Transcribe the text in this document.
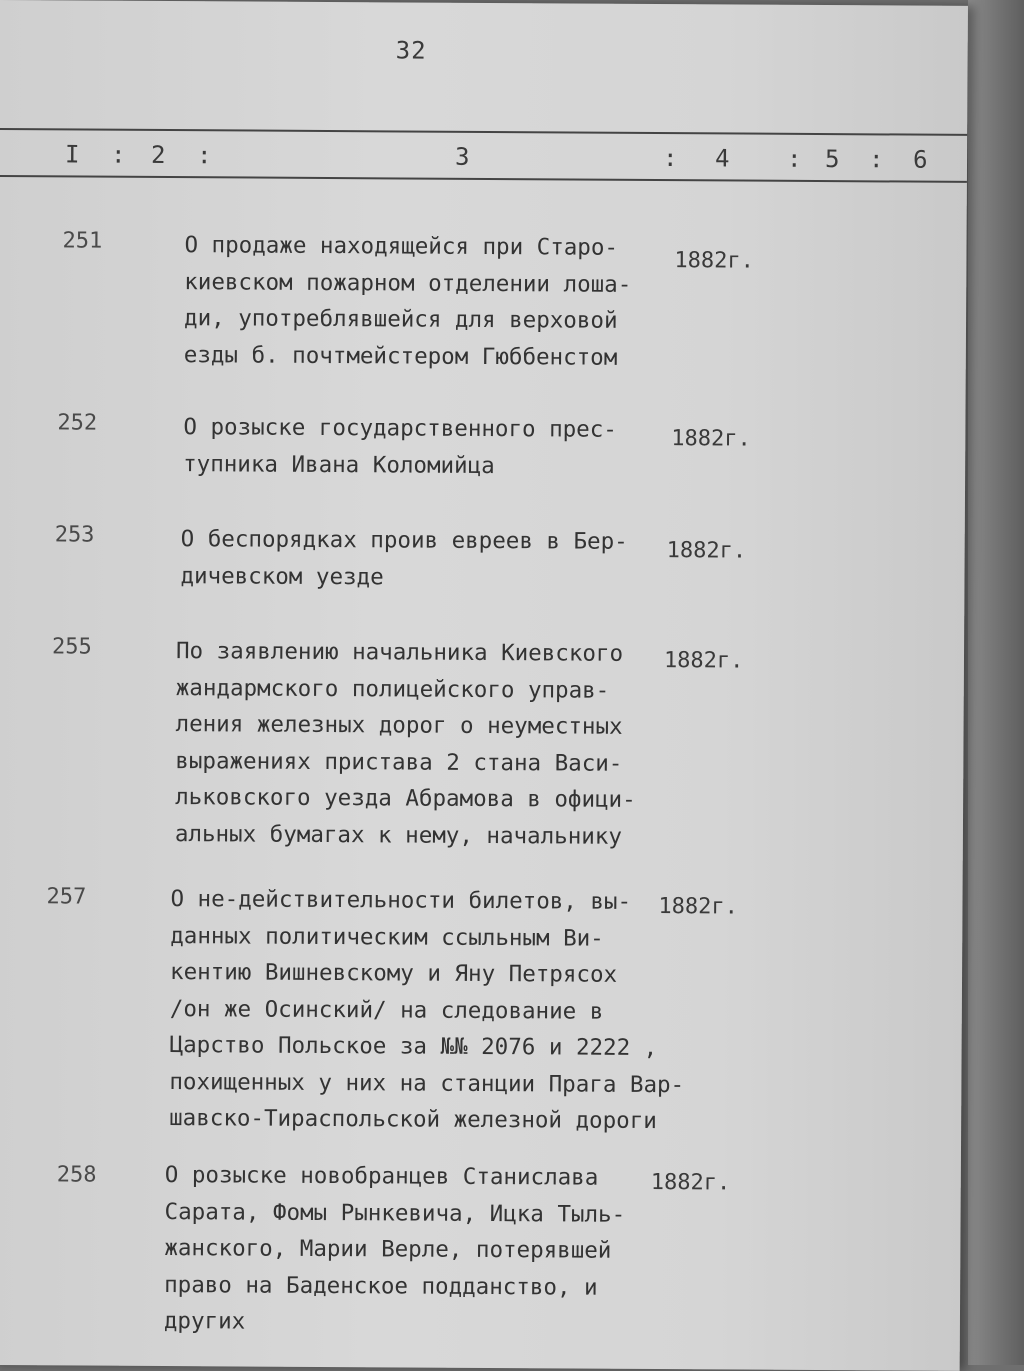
32
I : 2 :	3	: 4 : 5 : 6
251	О продаже находящейся при Старо-
киевском пожарном отделении лоша-
ди, употреблявшейся для верховой
езды б. почтмейстером Гюббенстом
1882г.
252	О розыске государственного прес-
тупника Ивана Коломийца
1882г.
253	О беспорядках проив евреев в Бер-
дичевском уезде
1882г.
255	По заявлению начальника Киевского
жандармского полицейского управ-
ления железных дорог о неуместных
выражениях пристава 2 стана Васи-
льковского уезда Абрамова в офици-
альных бумагах к нему, начальнику
1882г.
257	О не-действительности билетов, вы-
данных политическим ссыльным Ви-
кентию Вишневскому и Яну Петрясох
/он же Осинский/ на следование в
Царство Польское за №№ 2076 и 2222 ,
похищенных у них на станции Прага Вар-
шавско-Тираспольской железной дороги
1882г.
258	О розыске новобранцев Станислава
Сарата, Фомы Рынкевича, Ицка Тыль-
жанского, Марии Верле, потерявшей
право на Баденское подданство, и
других
1882г.
